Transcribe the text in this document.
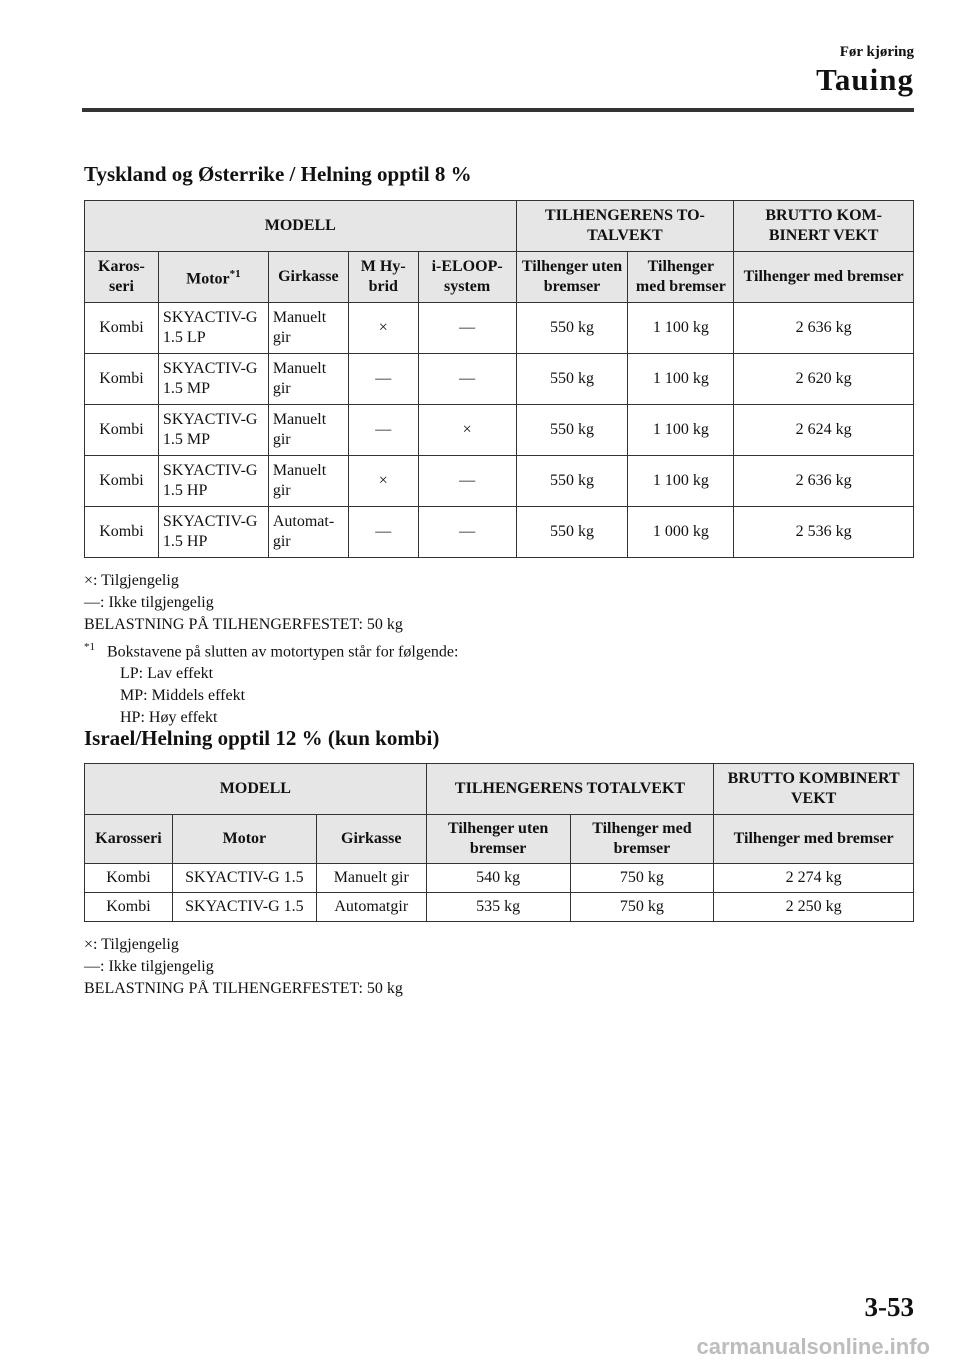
Før kjøring
Tauing
Tyskland og Østerrike / Helning opptil 8 %
MODELL					TILHENGERENS TOTALVEKT		BRUTTO KOMBINERT VEKT
Karosseri	Motor$^{*1}$	Girkasse	M Hybrid	i-ELOOP-system	Tilhenger uten bremser	Tilhenger med bremser	Tilhenger med bremser
Kombi	SKYACTIV-G 1.5 LP	Manuelt gir	×	—	550 kg	1 100 kg	2 636 kg
Kombi	SKYACTIV-G 1.5 MP	Manuelt gir	—	—	550 kg	1 100 kg	2 620 kg
Kombi	SKYACTIV-G 1.5 MP	Manuelt gir	—	×	550 kg	1 100 kg	2 624 kg
Kombi	SKYACTIV-G 1.5 HP	Manuelt gir	×	—	550 kg	1 100 kg	2 636 kg
Kombi	SKYACTIV-G 1.5 HP	Automatgir	—	—	550 kg	1 000 kg	2 536 kg
×: Tilgjengelig
—: Ikke tilgjengelig
BELASTNING PÅ TILHENGERFESTET: 50 kg
$^{*1}$ Bokstavene på slutten av motortypen står for følgende:
LP: Lav effekt
MP: Middels effekt
HP: Høy effekt
Israel/Helning opptil 12 % (kun kombi)
MODELL			TILHENGERENS TOTALVEKT		BRUTTO KOMBINERT VEKT
Karosseri	Motor	Girkasse	Tilhenger uten bremser	Tilhenger med bremser	Tilhenger med bremser
Kombi	SKYACTIV-G 1.5	Manuelt gir	540 kg	750 kg	2 274 kg
Kombi	SKYACTIV-G 1.5	Automatgir	535 kg	750 kg	2 250 kg
×: Tilgjengelig
—: Ikke tilgjengelig
BELASTNING PÅ TILHENGERFESTET: 50 kg
3-53
carmanualsonline.info
